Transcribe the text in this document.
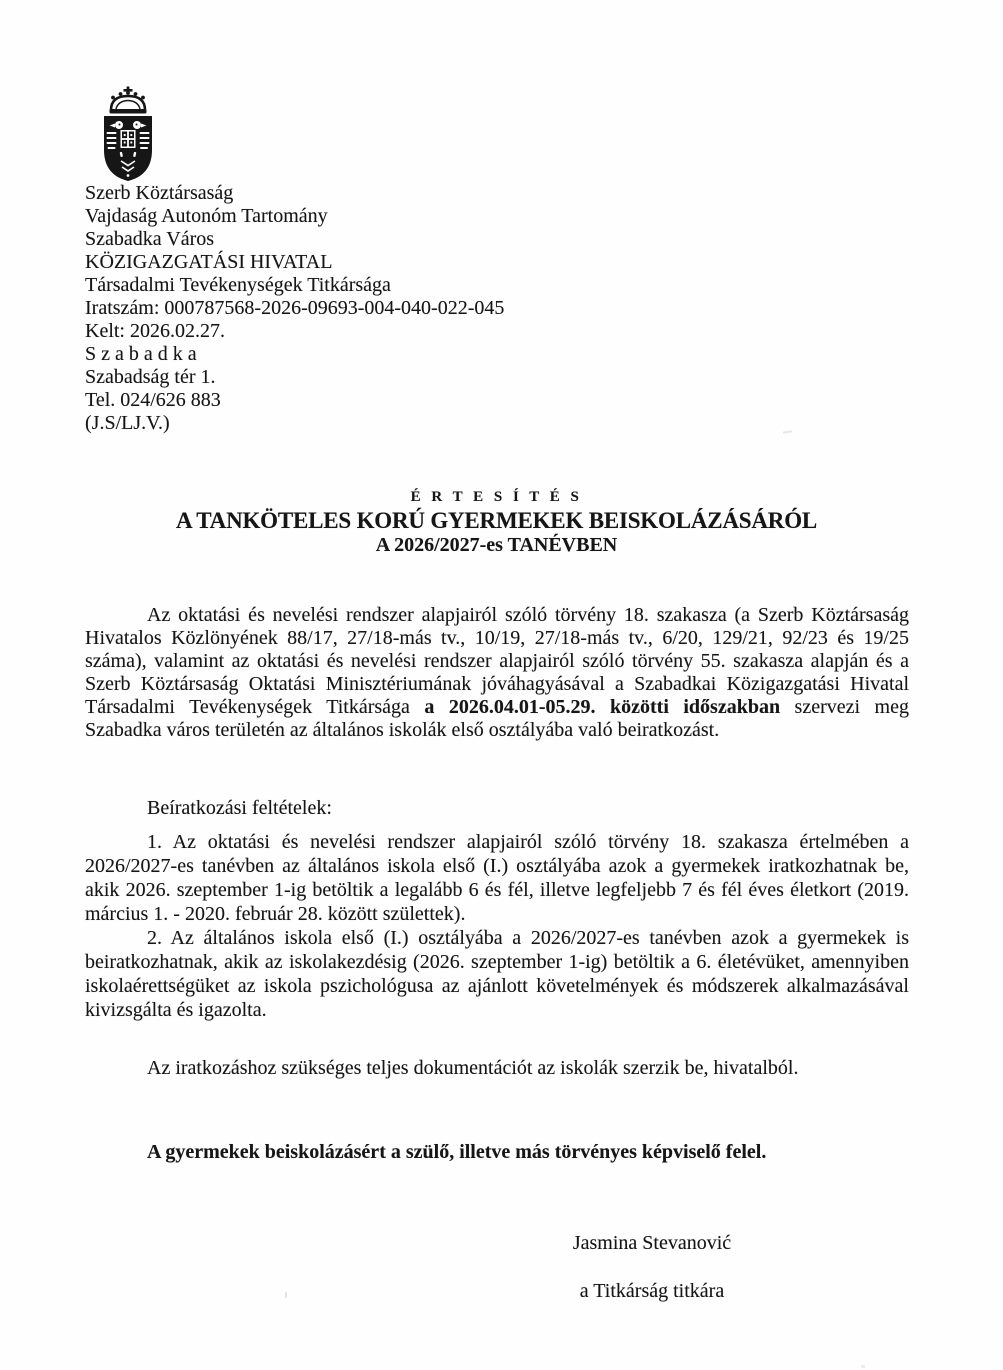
Szerb Köztársaság
Vajdaság Autonóm Tartomány
Szabadka Város
KÖZIGAZGATÁSI HIVATAL
Társadalmi Tevékenységek Titkársága
Iratszám: 000787568-2026-09693-004-040-022-045
Kelt: 2026.02.27.
S z a b a d k a
Szabadság tér 1.
Tel. 024/626 883
(J.S/LJ.V.)
É R T E S Í T É S
A TANKÖTELES KORÚ GYERMEKEK BEISKOLÁZÁSÁRÓL
A 2026/2027-es TANÉVBEN

Az oktatási és nevelési rendszer alapjairól szóló törvény 18. szakasza (a Szerb Köztársaság Hivatalos Közlönyének 88/17, 27/18-más tv., 10/19, 27/18-más tv., 6/20, 129/21, 92/23 és 19/25 száma), valamint az oktatási és nevelési rendszer alapjairól szóló törvény 55. szakasza alapján és a Szerb Köztársaság Oktatási Minisztériumának jóváhagyásával a Szabadkai Közigazgatási Hivatal Társadalmi Tevékenységek Titkársága a 2026.04.01-05.29. közötti időszakban szervezi meg Szabadka város területén az általános iskolák első osztályába való beiratkozást.

Beíratkozási feltételek:

1. Az oktatási és nevelési rendszer alapjairól szóló törvény 18. szakasza értelmében a 2026/2027-es tanévben az általános iskola első (I.) osztályába azok a gyermekek iratkozhatnak be, akik 2026. szeptember 1-ig betöltik a legalább 6 és fél, illetve legfeljebb 7 és fél éves életkort (2019. március 1. - 2020. február 28. között születtek).

2. Az általános iskola első (I.) osztályába a 2026/2027-es tanévben azok a gyermekek is beiratkozhatnak, akik az iskolakezdésig (2026. szeptember 1-ig) betöltik a 6. életévüket, amennyiben iskolaérettségüket az iskola pszichológusa az ajánlott követelmények és módszerek alkalmazásával kivizsgálta és igazolta.

Az iratkozáshoz szükséges teljes dokumentációt az iskolák szerzik be, hivatalból.
A gyermekek beiskolázásért a szülő, illetve más törvényes képviselő felel.
Jasmina Stevanović
a Titkárság titkára
